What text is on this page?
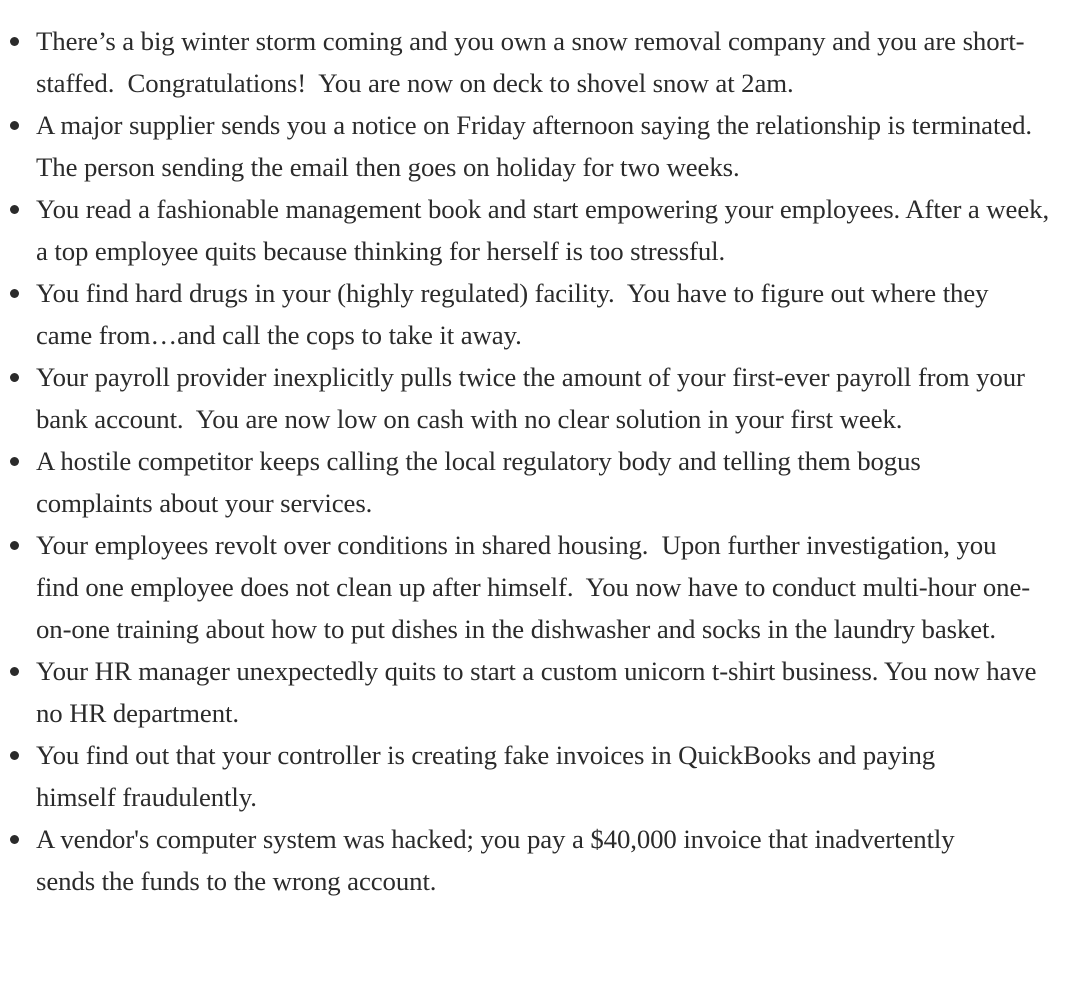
There’s a big winter storm coming and you own a snow removal company and you are short-staffed.  Congratulations!  You are now on deck to shovel snow at 2am.
A major supplier sends you a notice on Friday afternoon saying the relationship is terminated.  The person sending the email then goes on holiday for two weeks.
You read a fashionable management book and start empowering your employees. After a week, a top employee quits because thinking for herself is too stressful.
You find hard drugs in your (highly regulated) facility.  You have to figure out where they came from…and call the cops to take it away.
Your payroll provider inexplicitly pulls twice the amount of your first-ever payroll from your bank account.  You are now low on cash with no clear solution in your first week.
A hostile competitor keeps calling the local regulatory body and telling them bogus complaints about your services.
Your employees revolt over conditions in shared housing.  Upon further investigation, you find one employee does not clean up after himself.  You now have to conduct multi-hour one-on-one training about how to put dishes in the dishwasher and socks in the laundry basket.
Your HR manager unexpectedly quits to start a custom unicorn t-shirt business. You now have no HR department.
You find out that your controller is creating fake invoices in QuickBooks and paying himself fraudulently.
A vendor's computer system was hacked; you pay a $40,000 invoice that inadvertently sends the funds to the wrong account.
